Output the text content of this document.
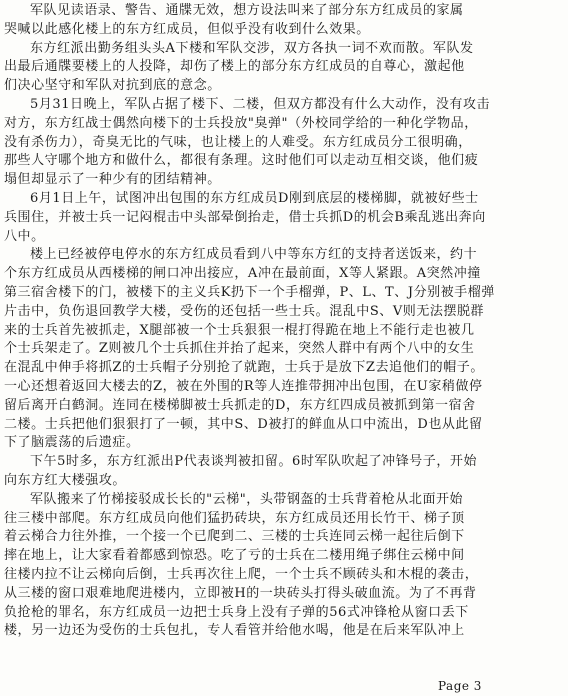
军队见读语录、警告、通牒无效，想方设法叫来了部分东方红成员的家属
哭喊以此感化楼上的东方红成员，但似乎没有收到什么效果。
东方红派出勤务组头头A下楼和军队交涉，双方各执一词不欢而散。军队发
出最后通牒要楼上的人投降，却伤了楼上的部分东方红成员的自尊心，激起他
们决心坚守和军队对抗到底的意念。
5月31日晚上，军队占据了楼下、二楼，但双方都没有什么大动作，没有攻击
对方，东方红战士偶然向楼下的士兵投放"臭弹"（外校同学给的一种化学物品，
没有杀伤力），奇臭无比的气味，也让楼上的人难受。东方红成员分工很明确，
那些人守哪个地方和做什么，都很有条理。这时他们可以走动互相交谈，他们疲
塌但却显示了一种少有的团结精神。
6月1日上午，试图冲出包围的东方红成员D刚到底层的楼梯脚，就被好些士
兵围住，并被士兵一记闷棍击中头部晕倒抬走，借士兵抓D的机会B乘乱逃出奔向
八中。
楼上已经被停电停水的东方红成员看到八中等东方红的支持者送饭来，约十
个东方红成员从西楼梯的闸口冲出接应，A冲在最前面，X等人紧跟。A突然冲撞
第三宿舍楼下的门，被楼下的主义兵K扔下一个手榴弹，P、L、T、J分别被手榴弹
片击中，负伤退回教学大楼，受伤的还包括一些士兵。混乱中S、V则无法摆脱群
来的士兵首先被抓走，X腿部被一个士兵狠狠一棍打得跪在地上不能行走也被几
个士兵架走了。Z则被几个士兵抓住并抬了起来，突然人群中有两个八中的女生
在混乱中伸手将抓Z的士兵帽子分别抢了就跑，士兵于是放下Z去追他们的帽子。
一心还想着返回大楼去的Z，被在外围的R等人连推带拥冲出包围，在U家稍做停
留后离开白鹤洞。连同在楼梯脚被士兵抓走的D，东方红四成员被抓到第一宿舍
二楼。士兵把他们狠狠打了一顿，其中S、D被打的鲜血从口中流出，D也从此留
下了脑震荡的后遗症。
下午5时多，东方红派出P代表谈判被扣留。6时军队吹起了冲锋号子，开始
向东方红大楼强攻。
军队搬来了竹梯接驳成长长的"云梯"，头带钢盔的士兵背着枪从北面开始
往三楼中部爬。东方红成员向他们猛扔砖块，东方红成员还用长竹干、梯子顶
着云梯合力往外推，一个接一个已爬到二、三楼的士兵连同云梯一起往后倒下
摔在地上，让大家看着都感到惊恐。吃了亏的士兵在二楼用绳子绑住云梯中间
往楼内拉不让云梯向后倒，士兵再次往上爬，一个士兵不顾砖头和木棍的袭击，
从三楼的窗口艰难地爬进楼内，立即被H的一块砖头打得头破血流。为了不再背
负抢枪的罪名，东方红成员一边把士兵身上没有子弹的56式冲锋枪从窗口丢下
楼，另一边还为受伤的士兵包扎，专人看管并给他水喝，他是在后来军队冲上
Page 3
